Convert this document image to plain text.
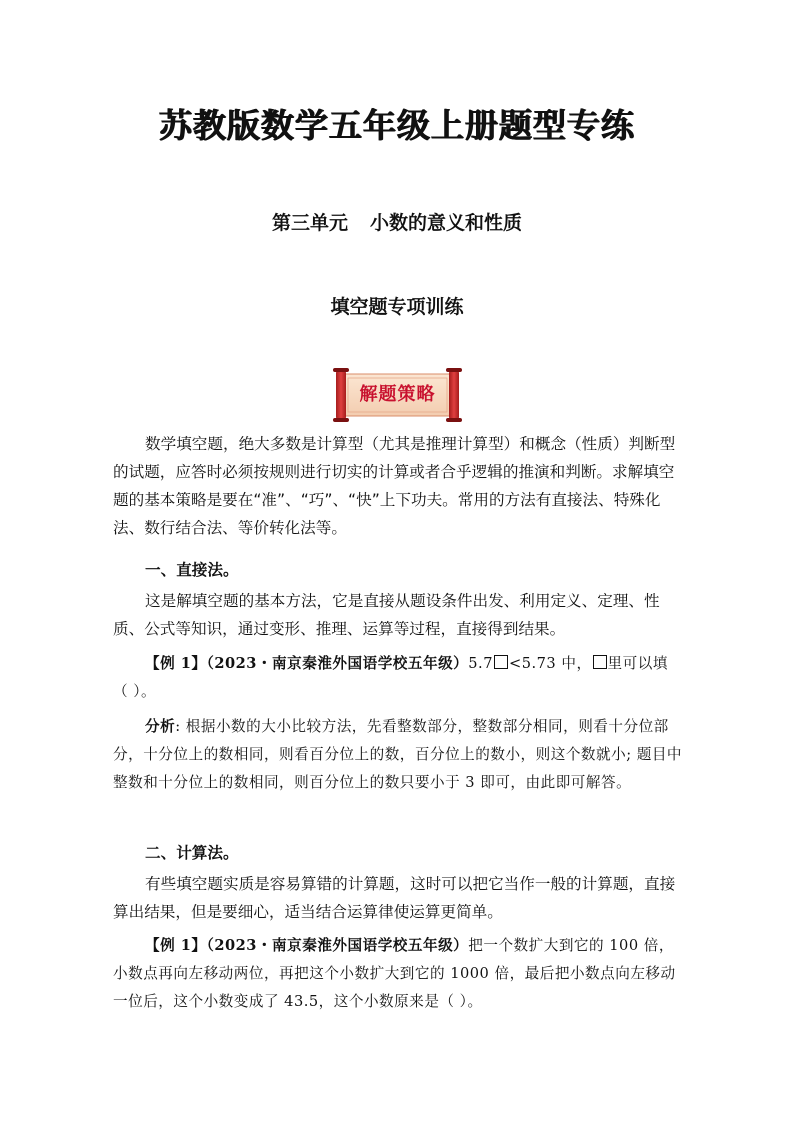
苏教版数学五年级上册题型专练
第三单元 小数的意义和性质
填空题专项训练
解题策略

数学填空题，绝大多数是计算型（尤其是推理计算型）和概念（性质）判断型的试题，应答时必须按规则进行切实的计算或者合乎逻辑的推演和判断。求解填空题的基本策略是要在“准”、“巧”、“快”上下功夫。常用的方法有直接法、特殊化法、数行结合法、等价转化法等。

一、直接法。

这是解填空题的基本方法，它是直接从题设条件出发、利用定义、定理、性质、公式等知识，通过变形、推理、运算等过程，直接得到结果。

【例 1】（2023・南京秦淮外国语学校五年级）5.7 <5.73 中， 里可以填（ ）。

分析: 根据小数的大小比较方法，先看整数部分，整数部分相同，则看十分位部分，十分位上的数相同，则看百分位上的数，百分位上的数小，则这个数就小; 题目中整数和十分位上的数相同，则百分位上的数只要小于 3 即可，由此即可解答。

二、计算法。

有些填空题实质是容易算错的计算题，这时可以把它当作一般的计算题，直接算出结果，但是要细心，适当结合运算律使运算更简单。

【例 1】（2023・南京秦淮外国语学校五年级）把一个数扩大到它的 100 倍，小数点再向左移动两位，再把这个小数扩大到它的 1000 倍，最后把小数点向左移动一位后，这个小数变成了 43.5，这个小数原来是（ ）。
